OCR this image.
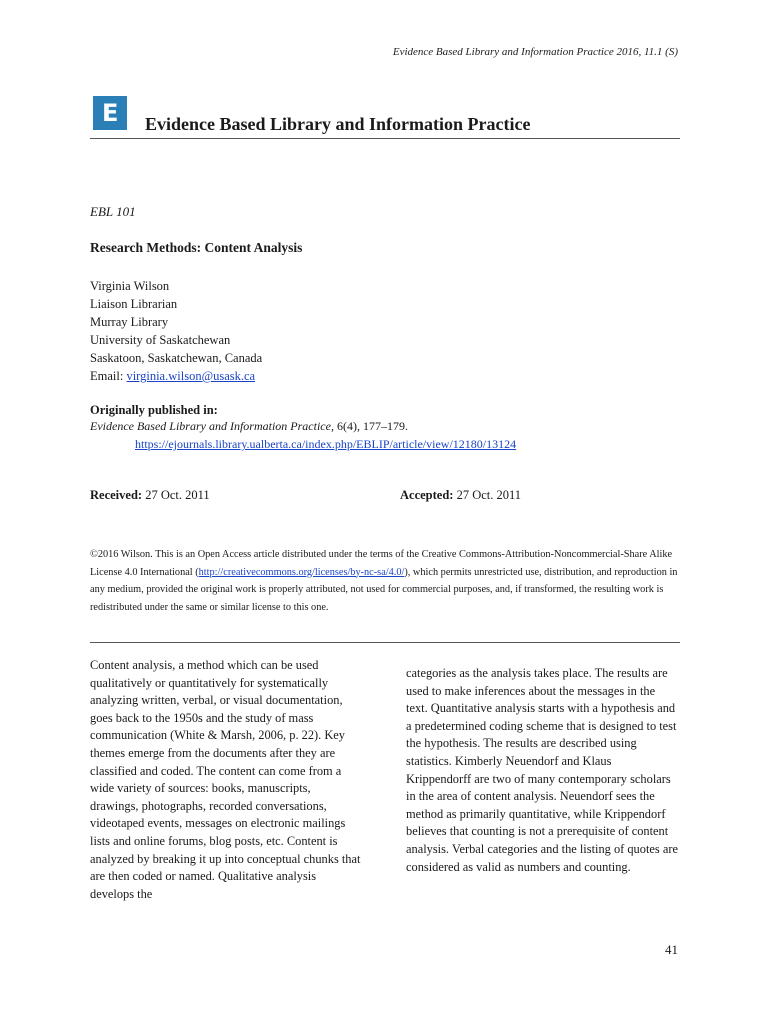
Evidence Based Library and Information Practice 2016, 11.1 (S)
E Evidence Based Library and Information Practice
EBL 101
Research Methods: Content Analysis
Virginia Wilson
Liaison Librarian
Murray Library
University of Saskatchewan
Saskatoon, Saskatchewan, Canada
Email: virginia.wilson@usask.ca
Originally published in:
Evidence Based Library and Information Practice, 6(4), 177–179.
https://ejournals.library.ualberta.ca/index.php/EBLIP/article/view/12180/13124
Received: 27 Oct. 2011	Accepted: 27 Oct. 2011
©2016 Wilson. This is an Open Access article distributed under the terms of the Creative Commons-Attribution-Noncommercial-Share Alike License 4.0 International (http://creativecommons.org/licenses/by-nc-sa/4.0/), which permits unrestricted use, distribution, and reproduction in any medium, provided the original work is properly attributed, not used for commercial purposes, and, if transformed, the resulting work is redistributed under the same or similar license to this one.

Content analysis, a method which can be used qualitatively or quantitatively for systematically analyzing written, verbal, or visual documentation, goes back to the 1950s and the study of mass communication (White & Marsh, 2006, p. 22). Key themes emerge from the documents after they are classified and coded. The content can come from a wide variety of sources: books, manuscripts, drawings, photographs, recorded conversations, videotaped events, messages on electronic mailings lists and online forums, blog posts, etc. Content is analyzed by breaking it up into conceptual chunks that are then coded or named. Qualitative analysis develops the

categories as the analysis takes place. The results are used to make inferences about the messages in the text. Quantitative analysis starts with a hypothesis and a predetermined coding scheme that is designed to test the hypothesis. The results are described using statistics. Kimberly Neuendorf and Klaus Krippendorff are two of many contemporary scholars in the area of content analysis. Neuendorf sees the method as primarily quantitative, while Krippendorf believes that counting is not a prerequisite of content analysis. Verbal categories and the listing of quotes are considered as valid as numbers and counting.

41
